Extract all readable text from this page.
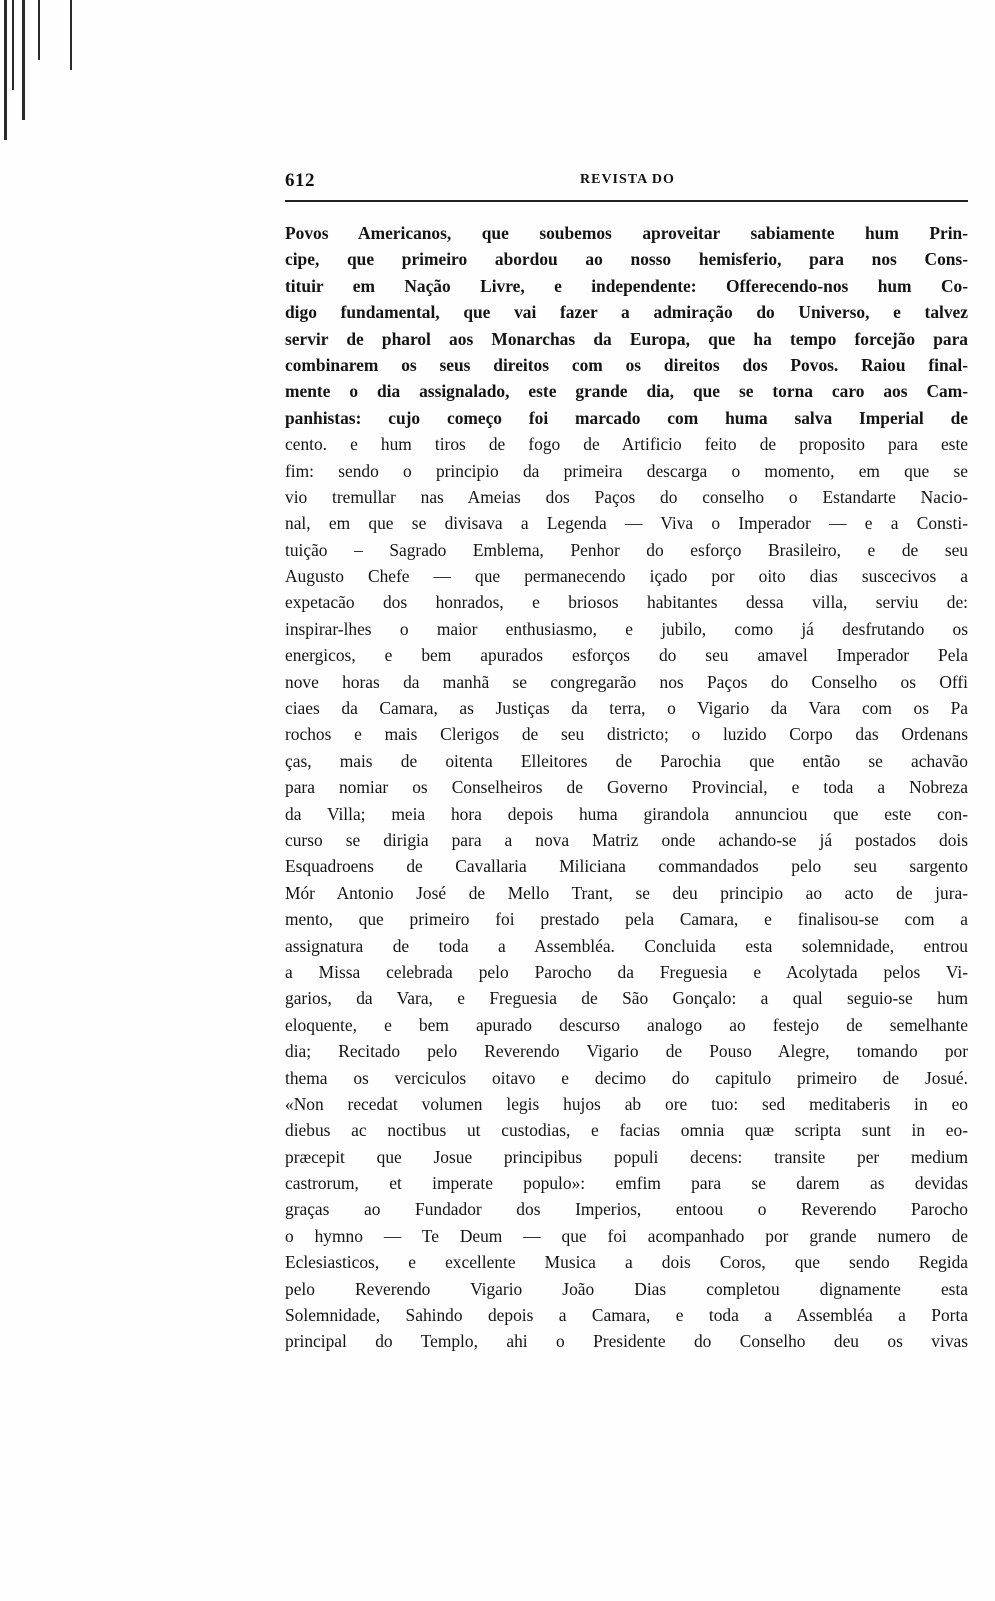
612	REVISTA DO
Povos Americanos, que soubemos aproveitar sabiamente hum Prin-
cipe, que primeiro abordou ao nosso hemisferio, para nos Cons-
tituir em Nação Livre, e independente: Offerecendo-nos hum Co-
digo fundamental, que vai fazer a admiração do Universo, e talvez
servir de pharol aos Monarchas da Europa, que ha tempo forcejão para
combinarem os seus direitos com os direitos dos Povos. Raiou final-
mente o dia assignalado, este grande dia, que se torna caro aos Cam-
panhistas: cujo começo foi marcado com huma salva Imperial de
cento. e hum tiros de fogo de Artificio feito de proposito para este
fim: sendo o principio da primeira descarga o momento, em que se
vio tremullar nas Ameias dos Paços do conselho o Estandarte Nacio-
nal, em que se divisava a Legenda — Viva o Imperador — e a Consti-
tuição – Sagrado Emblema, Penhor do esforço Brasileiro, e de seu
Augusto Chefe — que permanecendo içado por oito dias suscecivos a
expetacão dos honrados, e briosos habitantes dessa villa, serviu de:
inspirar-lhes o maior enthusiasmo, e jubilo, como já desfrutando os
energicos, e bem apurados esforços do seu amavel Imperador Pela
nove horas da manhã se congregarão nos Paços do Conselho os Offi
ciaes da Camara, as Justiças da terra, o Vigario da Vara com os Pa
rochos e mais Clerigos de seu districto; o luzido Corpo das Ordenans
ças, mais de oitenta Elleitores de Parochia que então se achavão
para nomiar os Conselheiros de Governo Provincial, e toda a Nobreza
da Villa; meia hora depois huma girandola annunciou que este con-
curso se dirigia para a nova Matriz onde achando-se já postados dois
Esquadroens de Cavallaria Miliciana commandados pelo seu sargento
Mór Antonio José de Mello Trant, se deu principio ao acto de jura-
mento, que primeiro foi prestado pela Camara, e finalisou-se com a
assignatura de toda a Assembléa. Concluida esta solemnidade, entrou
a Missa celebrada pelo Parocho da Freguesia e Acolytada pelos Vi-
garios, da Vara, e Freguesia de São Gonçalo: a qual seguio-se hum
eloquente, e bem apurado descurso analogo ao festejo de semelhante
dia; Recitado pelo Reverendo Vigario de Pouso Alegre, tomando por
thema os verciculos oitavo e decimo do capitulo primeiro de Josué.
«Non recedat volumen legis hujos ab ore tuo: sed meditaberis in eo
diebus ac noctibus ut custodias, e facias omnia quæ scripta sunt in eo-
præcepit que Josue principibus populi decens: transite per medium
castrorum, et imperate populo»: emfim para se darem as devidas
graças ao Fundador dos Imperios, entoou o Reverendo Parocho
o hymno — Te Deum — que foi acompanhado por grande numero de
Eclesiasticos, e excellente Musica a dois Coros, que sendo Regida
pelo Reverendo Vigario João Dias completou dignamente esta
Solemnidade, Sahindo depois a Camara, e toda a Assembléa a Porta
principal do Templo, ahi o Presidente do Conselho deu os vivas
